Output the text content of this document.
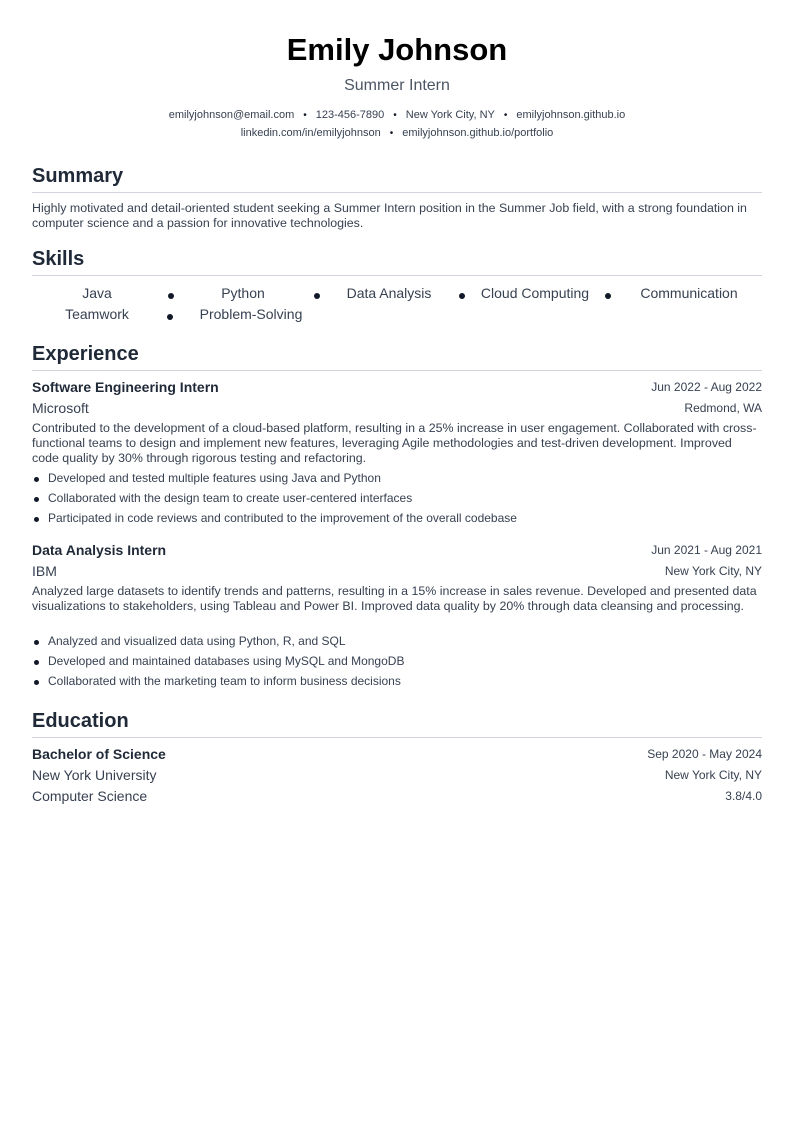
Emily Johnson
Summer Intern
emilyjohnson@email.com • 123-456-7890 • New York City, NY • emilyjohnson.github.io
linkedin.com/in/emilyjohnson • emilyjohnson.github.io/portfolio
Summary
Highly motivated and detail-oriented student seeking a Summer Intern position in the Summer Job field, with a strong foundation in computer science and a passion for innovative technologies.
Skills
Java	Python	Data Analysis	Cloud Computing	Communication
Teamwork	Problem-Solving
Experience
Software Engineering Intern	Jun 2022 - Aug 2022
Microsoft	Redmond, WA
Contributed to the development of a cloud-based platform, resulting in a 25% increase in user engagement. Collaborated with cross-functional teams to design and implement new features, leveraging Agile methodologies and test-driven development. Improved code quality by 30% through rigorous testing and refactoring.
Developed and tested multiple features using Java and Python
Collaborated with the design team to create user-centered interfaces
Participated in code reviews and contributed to the improvement of the overall codebase
Data Analysis Intern	Jun 2021 - Aug 2021
IBM	New York City, NY
Analyzed large datasets to identify trends and patterns, resulting in a 15% increase in sales revenue. Developed and presented data visualizations to stakeholders, using Tableau and Power BI. Improved data quality by 20% through data cleansing and processing.
Analyzed and visualized data using Python, R, and SQL
Developed and maintained databases using MySQL and MongoDB
Collaborated with the marketing team to inform business decisions
Education
Bachelor of Science	Sep 2020 - May 2024
New York University	New York City, NY
Computer Science	3.8/4.0
